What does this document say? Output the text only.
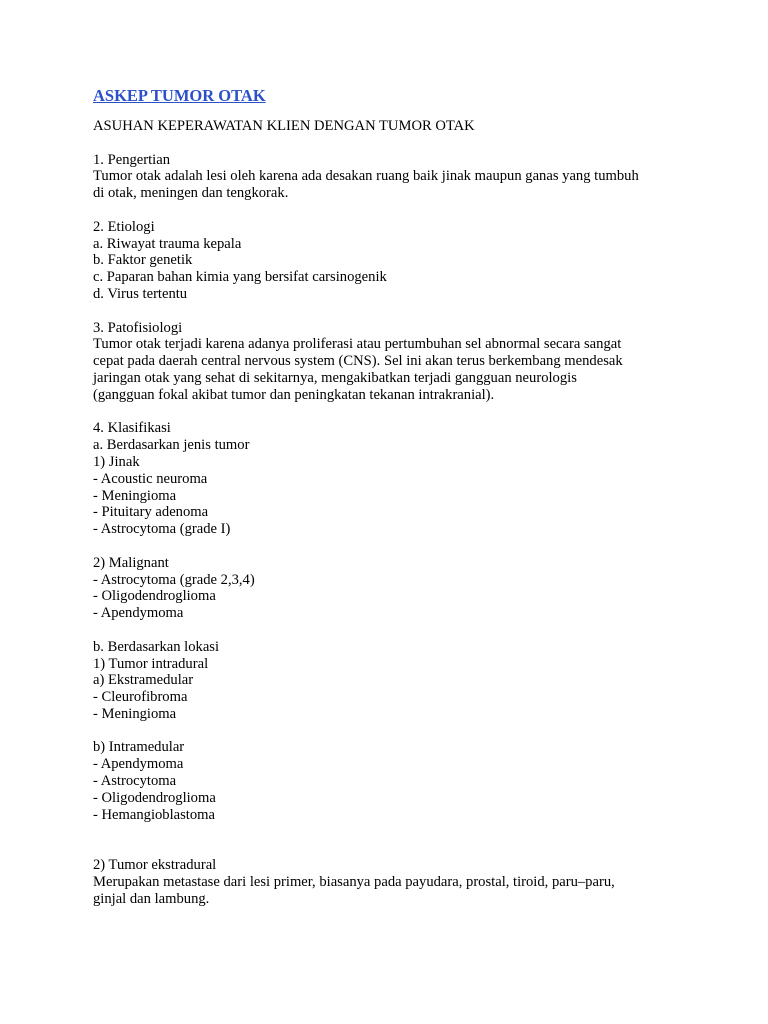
ASKEP TUMOR OTAK
ASUHAN KEPERAWATAN KLIEN DENGAN TUMOR OTAK
1. Pengertian
Tumor otak adalah lesi oleh karena ada desakan ruang baik jinak maupun ganas yang tumbuh
di otak, meningen dan tengkorak.
2. Etiologi
a. Riwayat trauma kepala
b. Faktor genetik
c. Paparan bahan kimia yang bersifat carsinogenik
d. Virus tertentu
3. Patofisiologi
Tumor otak terjadi karena adanya proliferasi atau pertumbuhan sel abnormal secara sangat
cepat pada daerah central nervous system (CNS). Sel ini akan terus berkembang mendesak
jaringan otak yang sehat di sekitarnya, mengakibatkan terjadi gangguan neurologis
(gangguan fokal akibat tumor dan peningkatan tekanan intrakranial).
4. Klasifikasi
a. Berdasarkan jenis tumor
1) Jinak
- Acoustic neuroma
- Meningioma
- Pituitary adenoma
- Astrocytoma (grade I)
2) Malignant
- Astrocytoma (grade 2,3,4)
- Oligodendroglioma
- Apendymoma
b. Berdasarkan lokasi
1) Tumor intradural
a) Ekstramedular
- Cleurofibroma
- Meningioma
b) Intramedular
- Apendymoma
- Astrocytoma
- Oligodendroglioma
- Hemangioblastoma
2) Tumor ekstradural
Merupakan metastase dari lesi primer, biasanya pada payudara, prostal, tiroid, paru–paru,
ginjal dan lambung.
